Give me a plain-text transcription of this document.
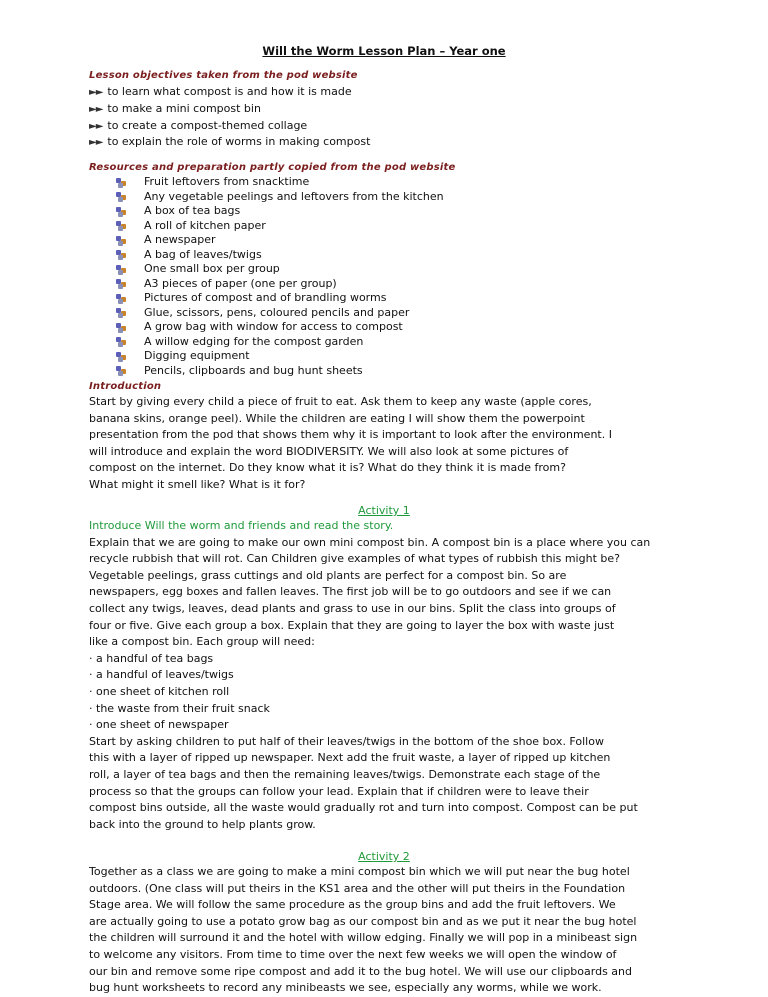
Will the Worm Lesson Plan – Year one
Lesson objectives taken from the pod website
►► to learn what compost is and how it is made
►► to make a mini compost bin
►► to create a compost-themed collage
►► to explain the role of worms in making compost
Resources and preparation partly copied from the pod website
Fruit leftovers from snacktime
Any vegetable peelings and leftovers from the kitchen
A box of tea bags
A roll of kitchen paper
A newspaper
A bag of leaves/twigs
One small box per group
A3 pieces of paper (one per group)
Pictures of compost and of brandling worms
Glue, scissors, pens, coloured pencils and paper
A grow bag with window for access to compost
A willow edging for the compost garden
Digging equipment
Pencils, clipboards and bug hunt sheets
Introduction
Start by giving every child a piece of fruit to eat. Ask them to keep any waste (apple cores,
banana skins, orange peel). While the children are eating I will show them the powerpoint
presentation from the pod that shows them why it is important to look after the environment. I
will introduce and explain the word BIODIVERSITY. We will also look at some pictures of
compost on the internet. Do they know what it is? What do they think it is made from?
What might it smell like? What is it for?
Activity 1
Introduce Will the worm and friends and read the story.
Explain that we are going to make our own mini compost bin. A compost bin is a place where you can
recycle rubbish that will rot. Can Children give examples of what types of rubbish this might be?
Vegetable peelings, grass cuttings and old plants are perfect for a compost bin. So are
newspapers, egg boxes and fallen leaves. The first job will be to go outdoors and see if we can
collect any twigs, leaves, dead plants and grass to use in our bins. Split the class into groups of
four or five. Give each group a box. Explain that they are going to layer the box with waste just
like a compost bin. Each group will need:
· a handful of tea bags
· a handful of leaves/twigs
· one sheet of kitchen roll
· the waste from their fruit snack
· one sheet of newspaper
Start by asking children to put half of their leaves/twigs in the bottom of the shoe box. Follow
this with a layer of ripped up newspaper. Next add the fruit waste, a layer of ripped up kitchen
roll, a layer of tea bags and then the remaining leaves/twigs. Demonstrate each stage of the
process so that the groups can follow your lead. Explain that if children were to leave their
compost bins outside, all the waste would gradually rot and turn into compost. Compost can be put
back into the ground to help plants grow.
Activity 2
Together as a class we are going to make a mini compost bin which we will put near the bug hotel
outdoors. (One class will put theirs in the KS1 area and the other will put theirs in the Foundation
Stage area. We will follow the same procedure as the group bins and add the fruit leftovers. We
are actually going to use a potato grow bag as our compost bin and as we put it near the bug hotel
the children will surround it and the hotel with willow edging. Finally we will pop in a minibeast sign
to welcome any visitors. From time to time over the next few weeks we will open the window of
our bin and remove some ripe compost and add it to the bug hotel. We will use our clipboards and
bug hunt worksheets to record any minibeasts we see, especially any worms, while we work.
